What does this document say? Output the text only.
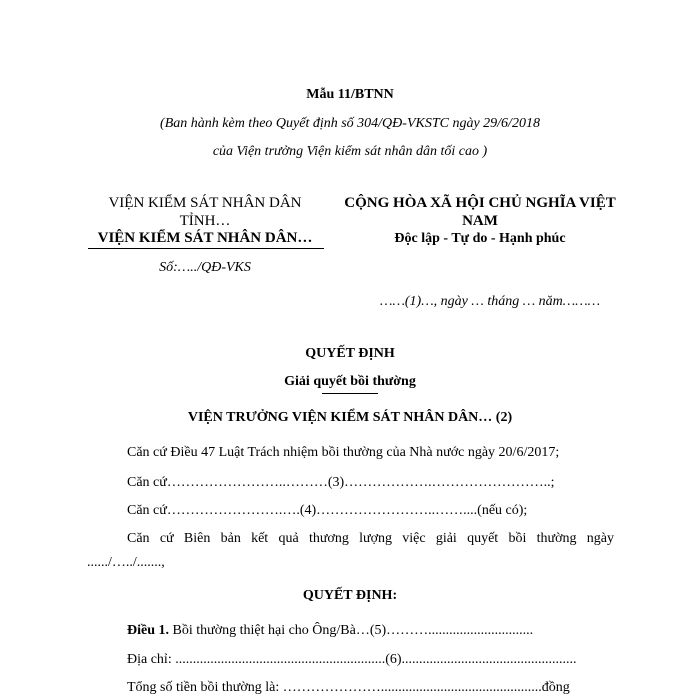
Mẫu 11/BTNN
(Ban hành kèm theo Quyết định số 304/QĐ-VKSTC ngày 29/6/2018
của Viện trưởng Viện kiểm sát nhân dân tối cao )
VIỆN KIỂM SÁT NHÂN DÂN
TỈNH…
VIỆN KIỂM SÁT NHÂN DÂN…
Số:…../QĐ-VKS
CỘNG HÒA XÃ HỘI CHỦ NGHĨA VIỆT
NAM
Độc lập - Tự do - Hạnh phúc
……(1)…, ngày … tháng … năm………
QUYẾT ĐỊNH
Giải quyết bồi thường
VIỆN TRƯỞNG VIỆN KIỂM SÁT NHÂN DÂN… (2)
Căn cứ Điều 47 Luật Trách nhiệm bồi thường của Nhà nước ngày 20/6/2017;
Căn cứ……………………..………(3)……………….……………………..;
Căn cứ…………………….….(4)……………………..……....(nếu có);
Căn cứ Biên bản kết quả thương lượng việc giải quyết bồi thường ngày
....../…../.......,
QUYẾT ĐỊNH:
Điều 1. Bồi thường thiệt hại cho Ông/Bà…(5)………..............................
Địa chỉ: ............................................................(6)..................................................
Tổng số tiền bồi thường là: …………………..............................................đồng
